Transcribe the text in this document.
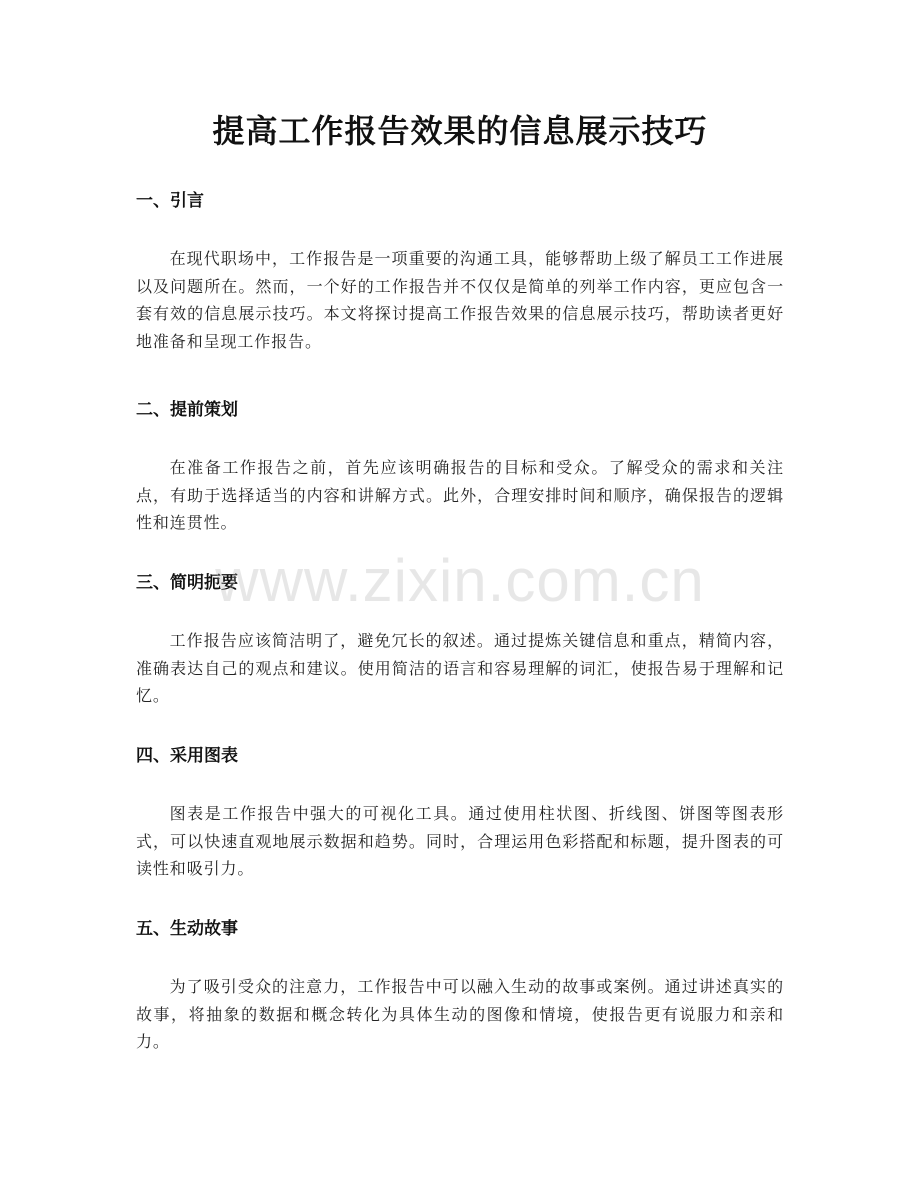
提高工作报告效果的信息展示技巧
一、引言

在现代职场中，工作报告是一项重要的沟通工具，能够帮助上级了解员工工作进展以及问题所在。然而，一个好的工作报告并不仅仅是简单的列举工作内容，更应包含一套有效的信息展示技巧。本文将探讨提高工作报告效果的信息展示技巧，帮助读者更好地准备和呈现工作报告。

二、提前策划

在准备工作报告之前，首先应该明确报告的目标和受众。了解受众的需求和关注点，有助于选择适当的内容和讲解方式。此外，合理安排时间和顺序，确保报告的逻辑性和连贯性。

三、简明扼要

工作报告应该简洁明了，避免冗长的叙述。通过提炼关键信息和重点，精简内容，准确表达自己的观点和建议。使用简洁的语言和容易理解的词汇，使报告易于理解和记忆。

四、采用图表

图表是工作报告中强大的可视化工具。通过使用柱状图、折线图、饼图等图表形式，可以快速直观地展示数据和趋势。同时，合理运用色彩搭配和标题，提升图表的可读性和吸引力。

五、生动故事

为了吸引受众的注意力，工作报告中可以融入生动的故事或案例。通过讲述真实的故事，将抽象的数据和概念转化为具体生动的图像和情境，使报告更有说服力和亲和力。

www.zixin.com.cn
